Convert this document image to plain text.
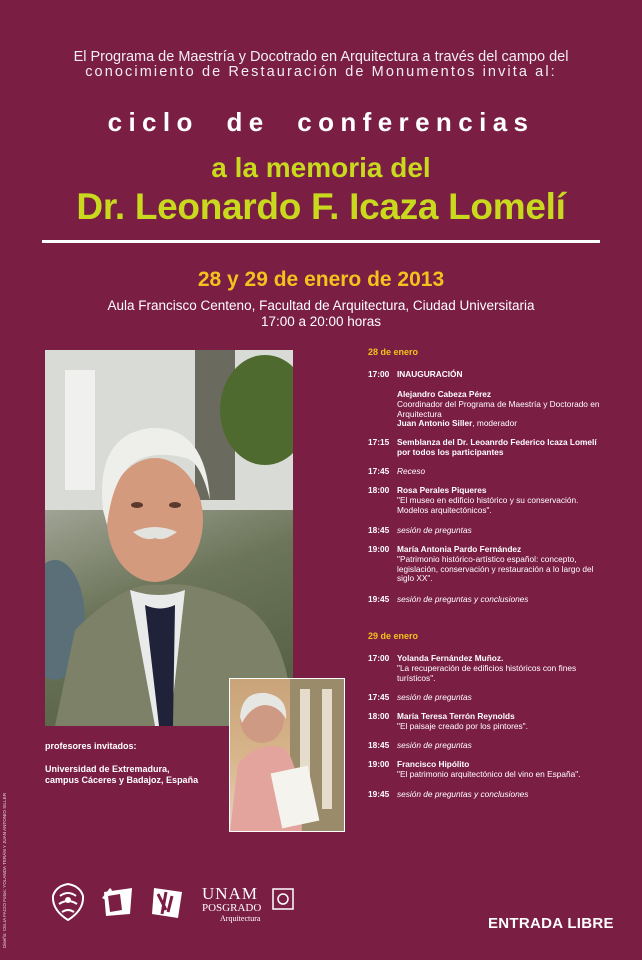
El Programa de Maestría y Docotrado en Arquitectura a través del campo del
conocimiento de Restauración de Monumentos invita al:
ciclo de conferencias
a la memoria del
Dr. Leonardo F. Icaza Lomelí
28 y 29 de enero de 2013
Aula Francisco Centeno, Facultad de Arquitectura, Ciudad Universitaria
17:00 a 20:00 horas
profesores invitados:
Universidad de Extremadura,
campus Cáceres y Badajoz, España
28 de enero
17:00 INAUGURACIÓN
Alejandro Cabeza Pérez
Coordinador del Programa de Maestría y Doctorado en
Arquitectura
Juan Antonio Siller, moderador
17:15 Semblanza del Dr. Leoanrdo Federico Icaza Lomelí
por todos los participantes
17:45 Receso
18:00 Rosa Perales Piqueres
"El museo en edificio histórico y su conservación.
Modelos arquitectónicos".
18:45 sesión de preguntas
19:00 María Antonia Pardo Fernández
"Patrimonio histórico-artístico español: concepto,
legislación, conservación y restauración a lo largo del
siglo XX".
19:45 sesión de preguntas y conclusiones
29 de enero
17:00 Yolanda Fernández Muñoz.
"La recuperación de edificios históricos con fines
turísticos".
17:45 sesión de preguntas
18:00 María Teresa Terrón Reynolds
"El paisaje creado por los pintores".
18:45 sesión de preguntas
19:00 Francisco Hipólito
"El patrimonio arquitectónico del vino en España".
19:45 sesión de preguntas y conclusiones
Diseño: CELIA FACIO Fotos: YOLANDA TERÁN Y JUAN ANTONIO SILLER	UNAM
POSGRADO
Arquitectura	ENTRADA LIBRE
